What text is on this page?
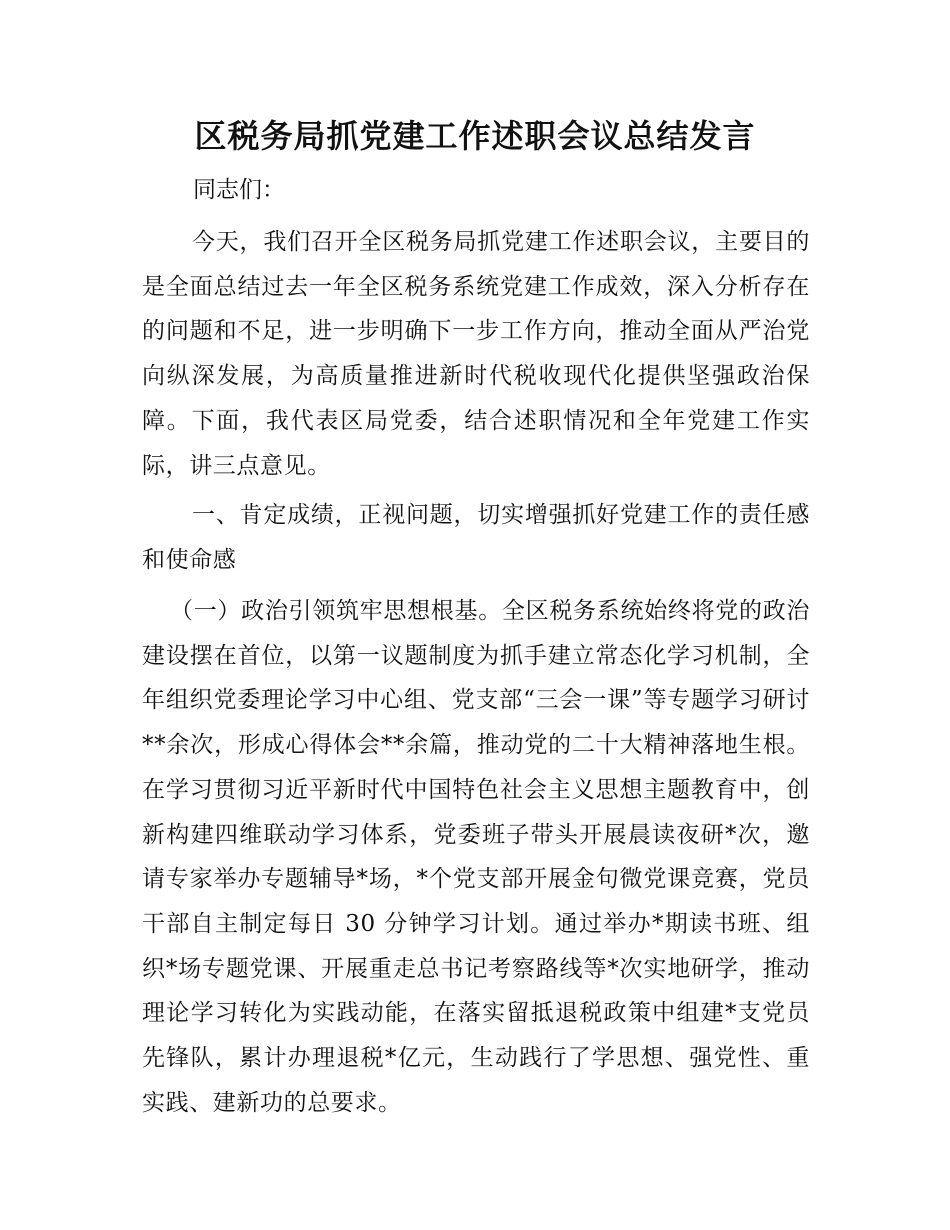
区税务局抓党建工作述职会议总结发言
同志们：
今天，我们召开全区税务局抓党建工作述职会议，主要目的是全面总结过去一年全区税务系统党建工作成效，深入分析存在的问题和不足，进一步明确下一步工作方向，推动全面从严治党向纵深发展，为高质量推进新时代税收现代化提供坚强政治保障。下面，我代表区局党委，结合述职情况和全年党建工作实际，讲三点意见。
一、肯定成绩，正视问题，切实增强抓好党建工作的责任感和使命感
（一）政治引领筑牢思想根基。全区税务系统始终将党的政治建设摆在首位，以第一议题制度为抓手建立常态化学习机制，全年组织党委理论学习中心组、党支部“三会一课”等专题学习研讨**余次，形成心得体会**余篇，推动党的二十大精神落地生根。在学习贯彻习近平新时代中国特色社会主义思想主题教育中，创新构建四维联动学习体系，党委班子带头开展晨读夜研*次，邀请专家举办专题辅导*场，*个党支部开展金句微党课竞赛，党员干部自主制定每日 30 分钟学习计划。通过举办*期读书班、组织*场专题党课、开展重走总书记考察路线等*次实地研学，推动理论学习转化为实践动能，在落实留抵退税政策中组建*支党员先锋队，累计办理退税*亿元，生动践行了学思想、强党性、重实践、建新功的总要求。
